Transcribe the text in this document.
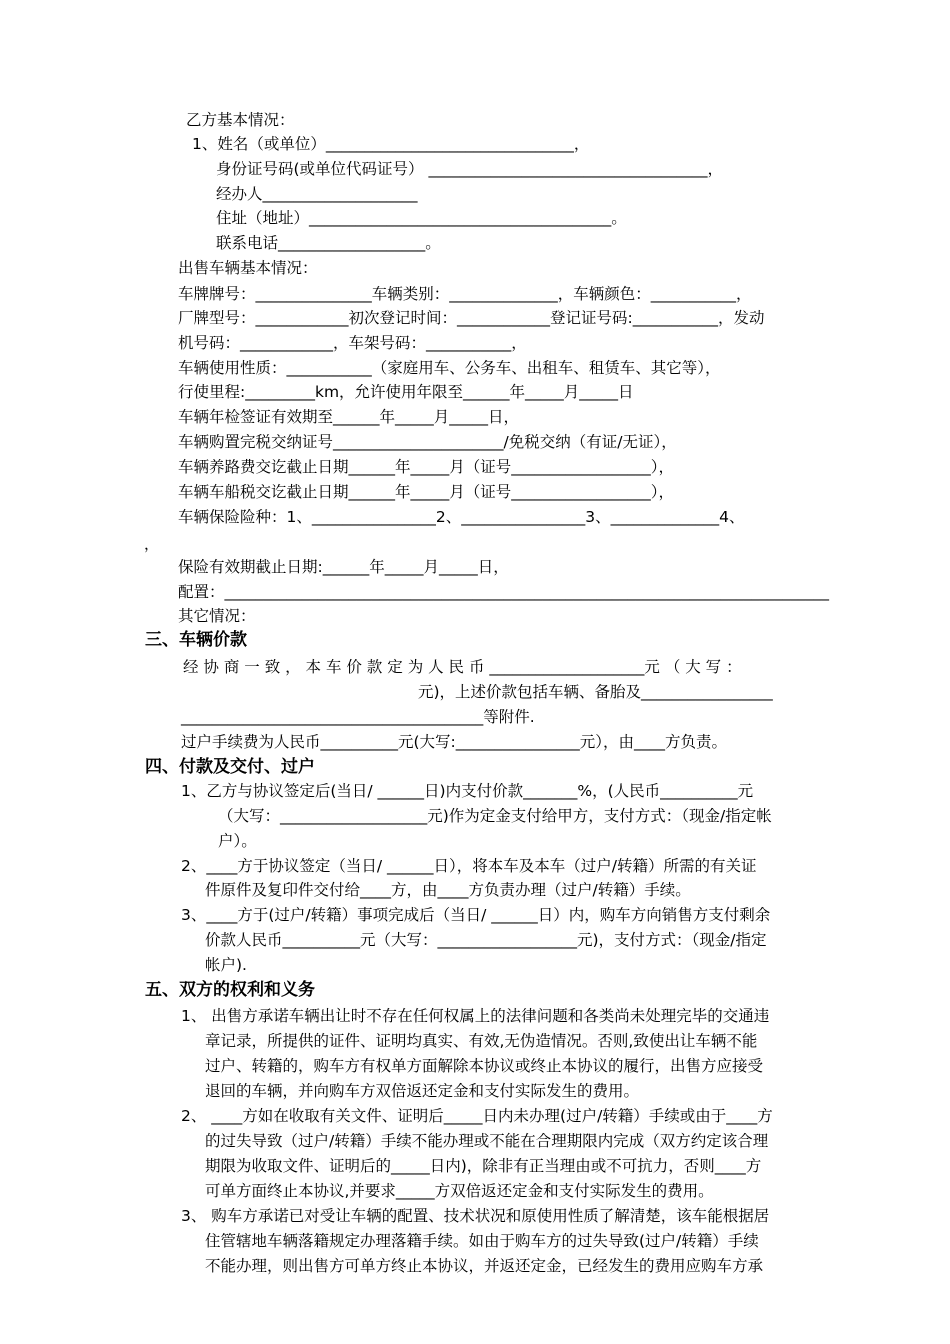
乙方基本情况：
1、姓名（或单位）________________________________，
身份证号码(或单位代码证号） ____________________________________，
经办人____________________
住址（地址）_______________________________________。
联系电话___________________。
出售车辆基本情况：
车牌牌号：_______________车辆类别：______________，车辆颜色：___________，
厂牌型号：____________初次登记时间：____________登记证号码:___________，发动
机号码：____________，车架号码：___________，
车辆使用性质：___________（家庭用车、公务车、出租车、租赁车、其它等），
行使里程:_________km，允许使用年限至______年_____月_____日
车辆年检签证有效期至______年_____月_____日，
车辆购置完税交纳证号______________________/免税交纳（有证/无证），
车辆养路费交讫截止日期______年_____月（证号__________________），
车辆车船税交讫截止日期______年_____月（证号__________________），
车辆保险险种：1、________________2、________________3、______________4、
，
保险有效期截止日期:______年_____月_____日，
配置：______________________________________________________________________________
其它情况：
三、车辆价款
经 协 商 一 致 ， 本 车 价 款 定 为 人 民 币 ____________________元 （ 大 写 ：
元)，上述价款包括车辆、备胎及_________________
_______________________________________等附件.
过户手续费为人民币__________元(大写:________________元），由____方负责。
四、付款及交付、过户
1、乙方与协议签定后(当日/ ______日)内支付价款_______%，(人民币__________元
（大写：___________________元)作为定金支付给甲方，支付方式：（现金/指定帐
户）。
2、____方于协议签定（当日/ ______日），将本车及本车（过户/转籍）所需的有关证
件原件及复印件交付给____方，由____方负责办理（过户/转籍）手续。
3、____方于(过户/转籍）事项完成后（当日/ ______日）内，购车方向销售方支付剩余
价款人民币__________元（大写：__________________元)，支付方式：（现金/指定
帐户).
五、双方的权利和义务
1、 出售方承诺车辆出让时不存在任何权属上的法律问题和各类尚未处理完毕的交通违
章记录，所提供的证件、证明均真实、有效,无伪造情况。否则,致使出让车辆不能
过户、转籍的，购车方有权单方面解除本协议或终止本协议的履行，出售方应接受
退回的车辆，并向购车方双倍返还定金和支付实际发生的费用。
2、 ____方如在收取有关文件、证明后_____日内未办理(过户/转籍）手续或由于____方
的过失导致（过户/转籍）手续不能办理或不能在合理期限内完成（双方约定该合理
期限为收取文件、证明后的_____日内)，除非有正当理由或不可抗力，否则____方
可单方面终止本协议,并要求_____方双倍返还定金和支付实际发生的费用。
3、 购车方承诺已对受让车辆的配置、技术状况和原使用性质了解清楚，该车能根据居
住管辖地车辆落籍规定办理落籍手续。如由于购车方的过失导致(过户/转籍）手续
不能办理，则出售方可单方终止本协议，并返还定金，已经发生的费用应购车方承
